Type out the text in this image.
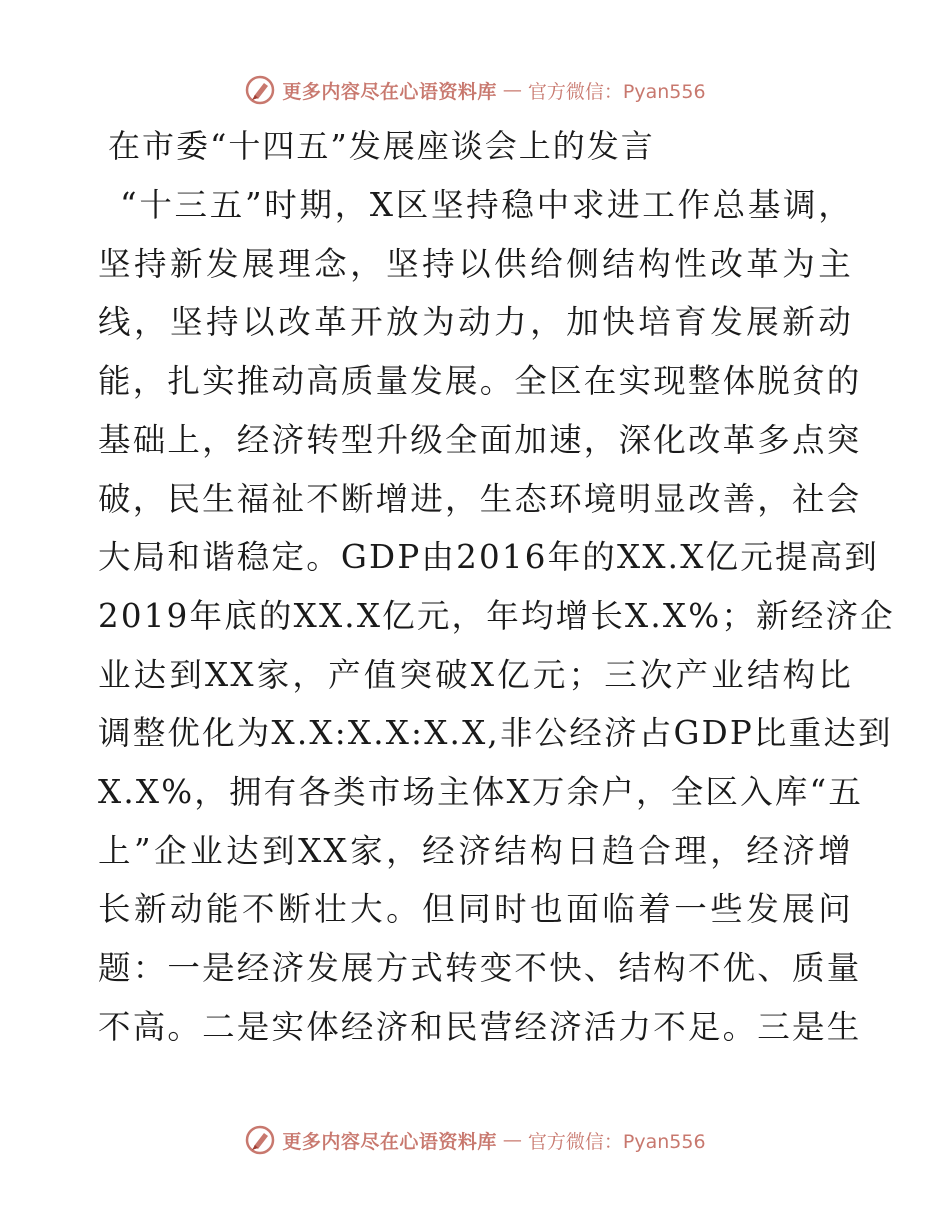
更多内容尽在心语资料库 — 官方微信：Pyan556
在市委“十四五”发展座谈会上的发言
“十三五”时期，X区坚持稳中求进工作总基调，
坚持新发展理念，坚持以供给侧结构性改革为主
线，坚持以改革开放为动力，加快培育发展新动
能，扎实推动高质量发展。全区在实现整体脱贫的
基础上，经济转型升级全面加速，深化改革多点突
破，民生福祉不断增进，生态环境明显改善，社会
大局和谐稳定。GDP由2016年的XX.X亿元提高到
2019年底的XX.X亿元，年均增长X.X%；新经济企
业达到XX家，产值突破X亿元；三次产业结构比
调整优化为X.X:X.X:X.X,非公经济占GDP比重达到
X.X%，拥有各类市场主体X万余户，全区入库“五
上”企业达到XX家，经济结构日趋合理，经济增
长新动能不断壮大。但同时也面临着一些发展问
题：一是经济发展方式转变不快、结构不优、质量
不高。二是实体经济和民营经济活力不足。三是生
更多内容尽在心语资料库 — 官方微信：Pyan556
